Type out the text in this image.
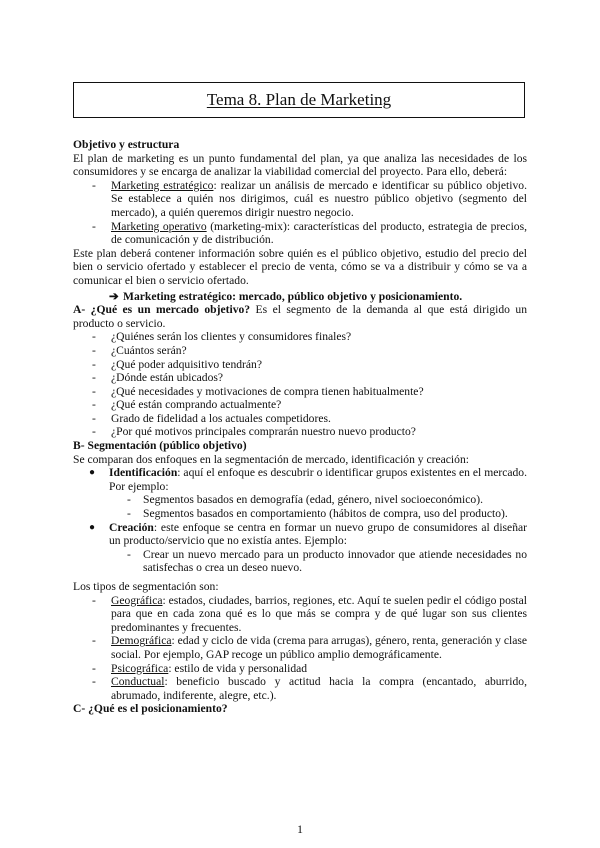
Tema 8. Plan de Marketing

Objetivo y estructura

El plan de marketing es un punto fundamental del plan, ya que analiza las necesidades de los consumidores y se encarga de analizar la viabilidad comercial del proyecto. Para ello, deberá:

- Marketing estratégico: realizar un análisis de mercado e identificar su público objetivo. Se establece a quién nos dirigimos, cuál es nuestro público objetivo (segmento del mercado), a quién queremos dirigir nuestro negocio.
- Marketing operativo (marketing-mix): características del producto, estrategia de precios, de comunicación y de distribución.

Este plan deberá contener información sobre quién es el público objetivo, estudio del precio del bien o servicio ofertado y establecer el precio de venta, cómo se va a distribuir y cómo se va a comunicar el bien o servicio ofertado.

➔ Marketing estratégico: mercado, público objetivo y posicionamiento.

A- ¿Qué es un mercado objetivo? Es el segmento de la demanda al que está dirigido un producto o servicio.

- ¿Quiénes serán los clientes y consumidores finales?
- ¿Cuántos serán?
- ¿Qué poder adquisitivo tendrán?
- ¿Dónde están ubicados?
- ¿Qué necesidades y motivaciones de compra tienen habitualmente?
- ¿Qué están comprando actualmente?
- Grado de fidelidad a los actuales competidores.
- ¿Por qué motivos principales comprarán nuestro nuevo producto?

B- Segmentación (público objetivo)

Se comparan dos enfoques en la segmentación de mercado, identificación y creación:

● Identificación: aquí el enfoque es descubrir o identificar grupos existentes en el mercado. Por ejemplo:
- Segmentos basados en demografía (edad, género, nivel socioeconómico).
- Segmentos basados en comportamiento (hábitos de compra, uso del producto).
● Creación: este enfoque se centra en formar un nuevo grupo de consumidores al diseñar un producto/servicio que no existía antes. Ejemplo:
- Crear un nuevo mercado para un producto innovador que atiende necesidades no satisfechas o crea un deseo nuevo.

Los tipos de segmentación son:

- Geográfica: estados, ciudades, barrios, regiones, etc. Aquí te suelen pedir el código postal para que en cada zona qué es lo que más se compra y de qué lugar son sus clientes predominantes y frecuentes.
- Demográfica: edad y ciclo de vida (crema para arrugas), género, renta, generación y clase social. Por ejemplo, GAP recoge un público amplio demográficamente.
- Psicográfica: estilo de vida y personalidad
- Conductual: beneficio buscado y actitud hacia la compra (encantado, aburrido, abrumado, indiferente, alegre, etc.).

C- ¿Qué es el posicionamiento?

1
